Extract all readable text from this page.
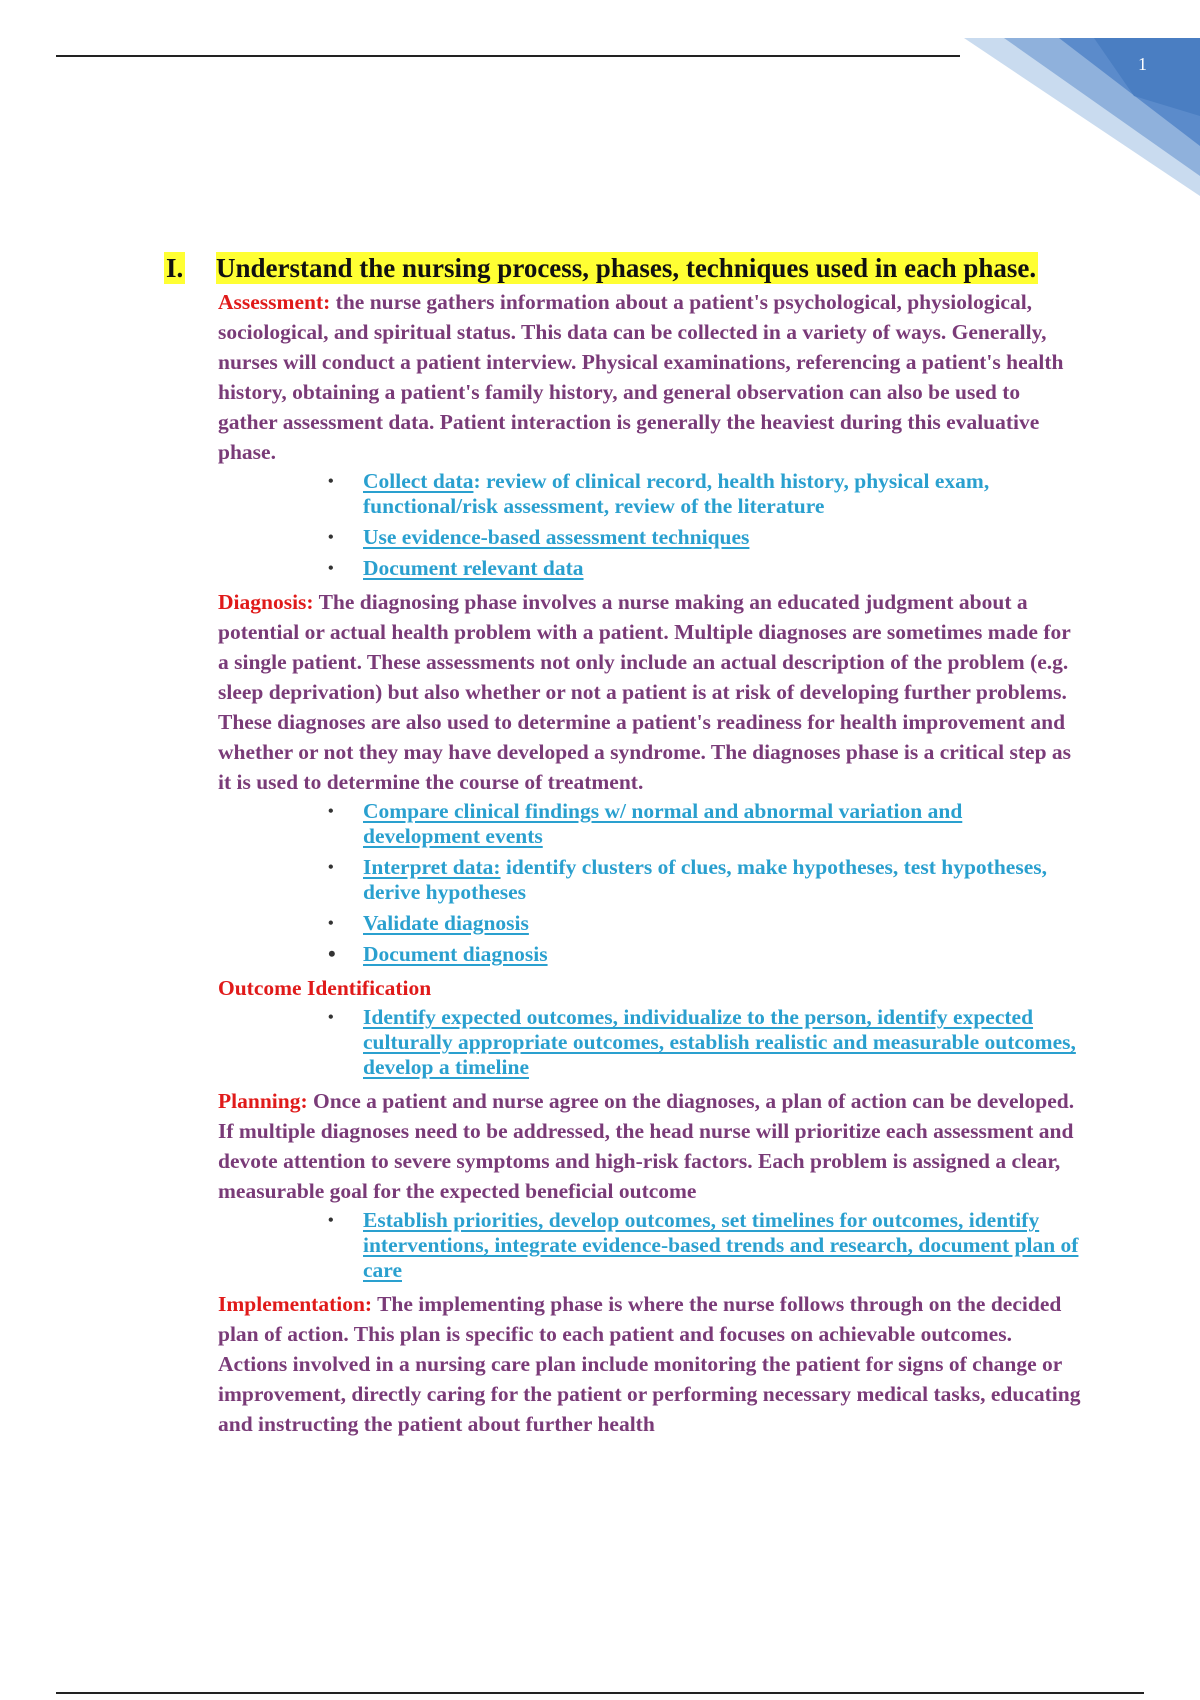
1
I. Understand the nursing process, phases, techniques used in each phase.

Assessment: the nurse gathers information about a patient's psychological, physiological, sociological, and spiritual status. This data can be collected in a variety of ways. Generally, nurses will conduct a patient interview. Physical examinations, referencing a patient's health history, obtaining a patient's family history, and general observation can also be used to gather assessment data. Patient interaction is generally the heaviest during this evaluative phase.

• Collect data: review of clinical record, health history, physical exam, functional/risk assessment, review of the literature
• Use evidence-based assessment techniques
• Document relevant data

Diagnosis: The diagnosing phase involves a nurse making an educated judgment about a potential or actual health problem with a patient. Multiple diagnoses are sometimes made for a single patient. These assessments not only include an actual description of the problem (e.g. sleep deprivation) but also whether or not a patient is at risk of developing further problems. These diagnoses are also used to determine a patient's readiness for health improvement and whether or not they may have developed a syndrome. The diagnoses phase is a critical step as it is used to determine the course of treatment.

• Compare clinical findings w/ normal and abnormal variation and development events
• Interpret data: identify clusters of clues, make hypotheses, test hypotheses, derive hypotheses
• Validate diagnosis
• Document diagnosis

Outcome Identification

• Identify expected outcomes, individualize to the person, identify expected culturally appropriate outcomes, establish realistic and measurable outcomes, develop a timeline

Planning: Once a patient and nurse agree on the diagnoses, a plan of action can be developed. If multiple diagnoses need to be addressed, the head nurse will prioritize each assessment and devote attention to severe symptoms and high-risk factors. Each problem is assigned a clear, measurable goal for the expected beneficial outcome

• Establish priorities, develop outcomes, set timelines for outcomes, identify interventions, integrate evidence-based trends and research, document plan of care

Implementation: The implementing phase is where the nurse follows through on the decided plan of action. This plan is specific to each patient and focuses on achievable outcomes. Actions involved in a nursing care plan include monitoring the patient for signs of change or improvement, directly caring for the patient or performing necessary medical tasks, educating and instructing the patient about further health
